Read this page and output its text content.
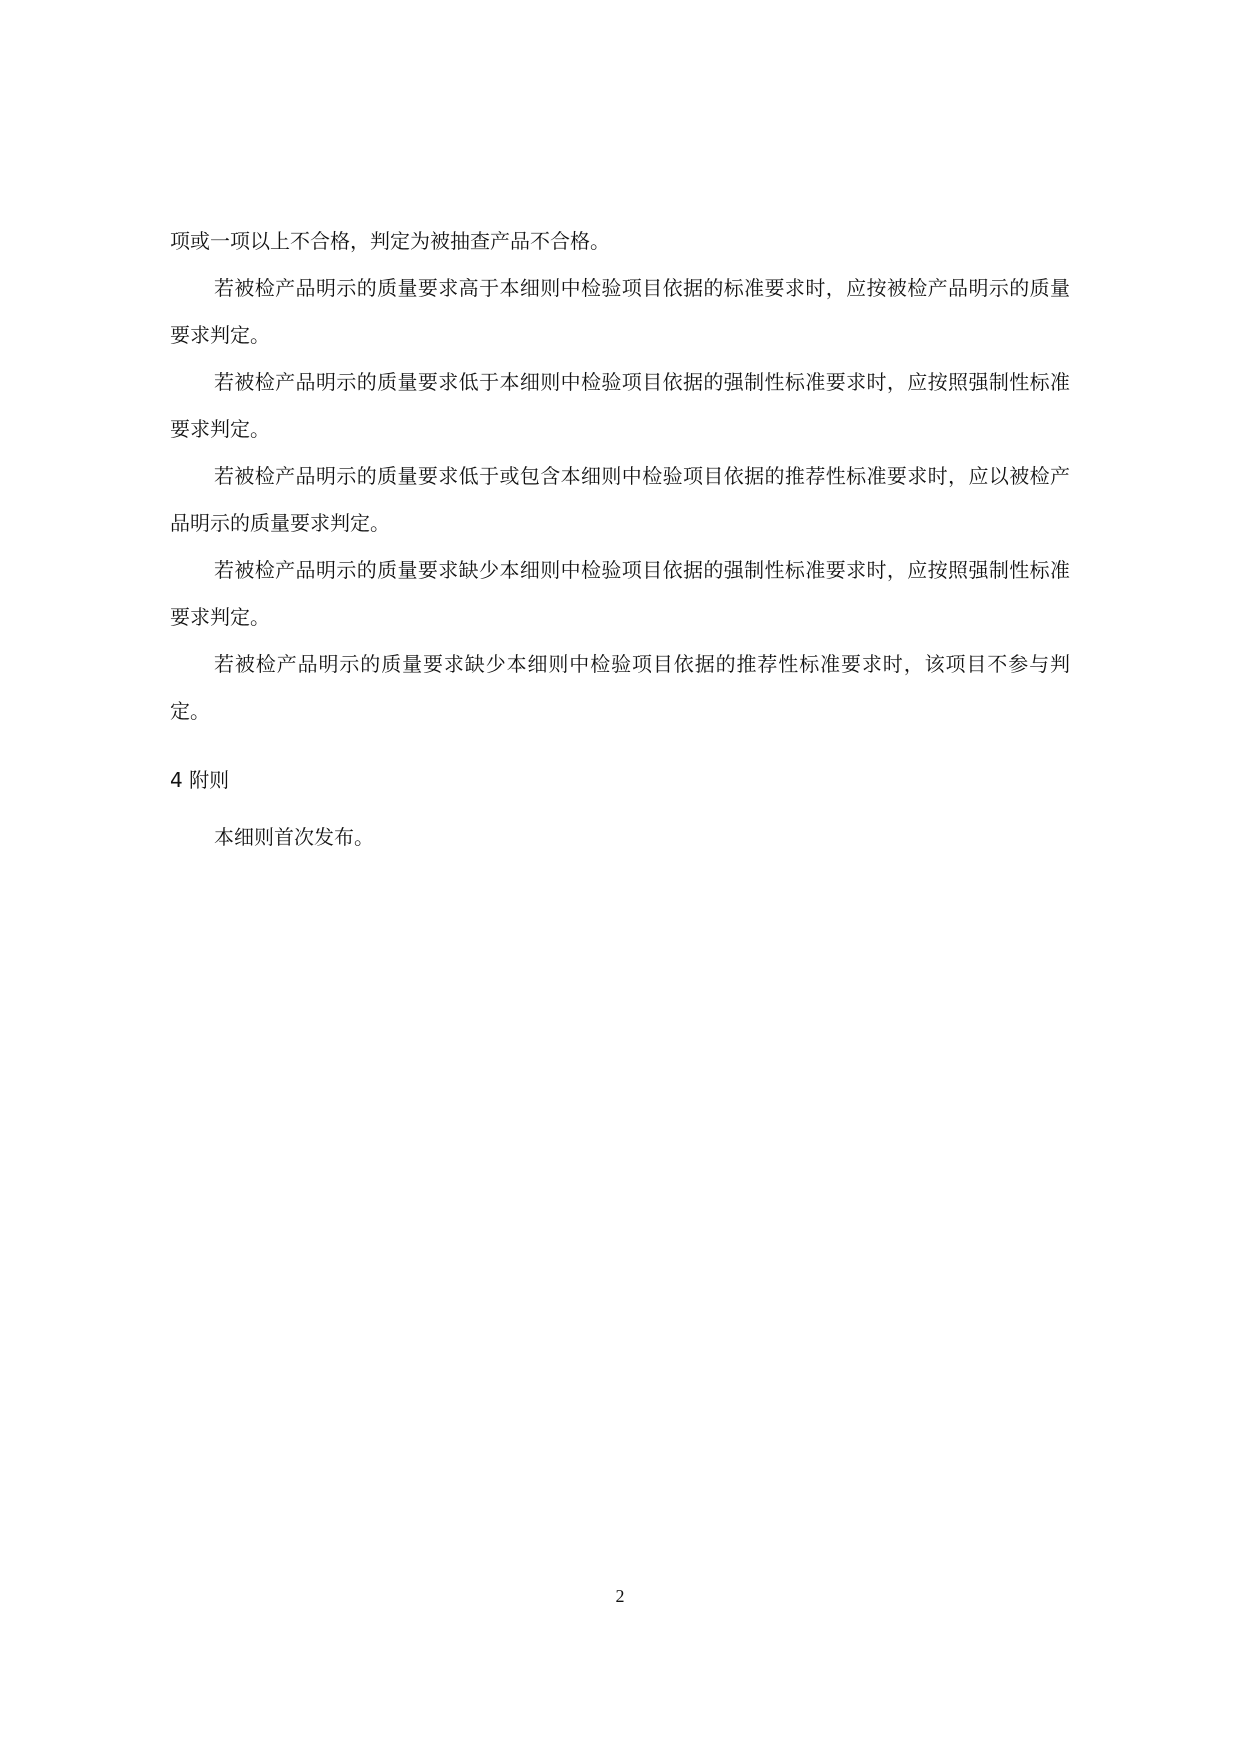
项或一项以上不合格，判定为被抽查产品不合格。

若被检产品明示的质量要求高于本细则中检验项目依据的标准要求时，应按被检产品明示的质量要求判定。

若被检产品明示的质量要求低于本细则中检验项目依据的强制性标准要求时，应按照强制性标准要求判定。

若被检产品明示的质量要求低于或包含本细则中检验项目依据的推荐性标准要求时，应以被检产品明示的质量要求判定。

若被检产品明示的质量要求缺少本细则中检验项目依据的强制性标准要求时，应按照强制性标准要求判定。

若被检产品明示的质量要求缺少本细则中检验项目依据的推荐性标准要求时，该项目不参与判定。

4 附则

本细则首次发布。

2
